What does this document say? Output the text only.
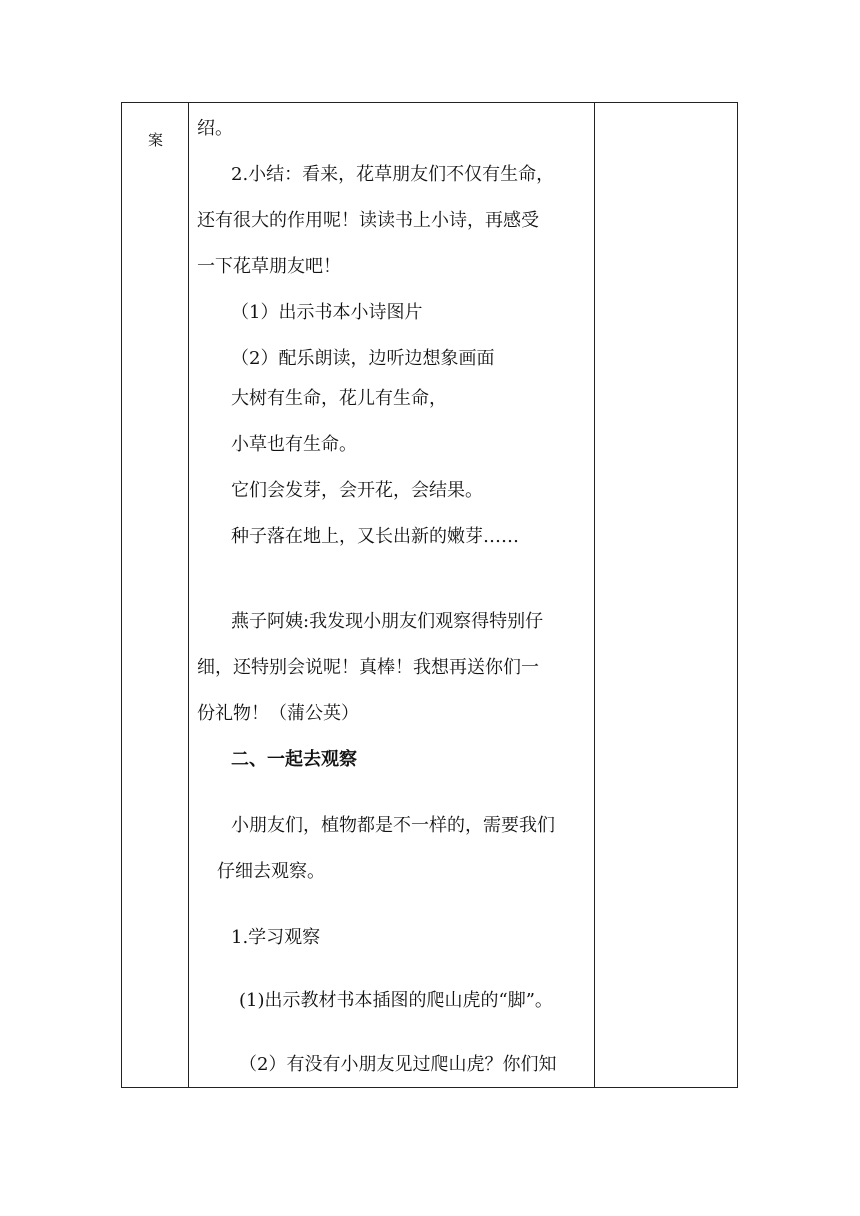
案
绍。
2.小结：看来，花草朋友们不仅有生命，
还有很大的作用呢！读读书上小诗，再感受
一下花草朋友吧！
（1）出示书本小诗图片
（2）配乐朗读，边听边想象画面
大树有生命，花儿有生命，
小草也有生命。
它们会发芽，会开花，会结果。
种子落在地上，又长出新的嫩芽……
燕子阿姨:我发现小朋友们观察得特别仔
细，还特别会说呢！真棒！我想再送你们一
份礼物！（蒲公英）
二、一起去观察
小朋友们，植物都是不一样的，需要我们
仔细去观察。
1.学习观察
(1)出示教材书本插图的爬山虎的“脚”。
（2）有没有小朋友见过爬山虎？你们知
